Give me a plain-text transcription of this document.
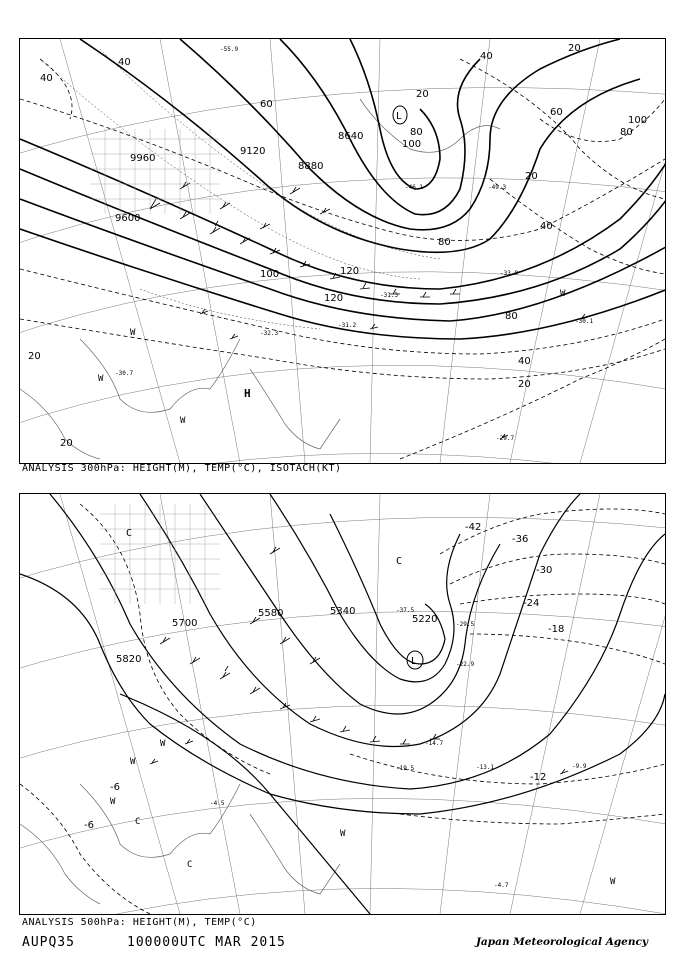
9600
9960
9120
8880
8640
40
40
20
20
40
60
80
100
80
100
120
80
100	120
60
80
40
20
20
40
20
20
H
L
W
W
W
W
-30.7
-32.3
-31.2
-30.1
-29.7
-55.9
-49.3
-46.1
-33.9
-31.3
ANALYSIS 300hPa: HEIGHT(M), TEMP(°C), ISOTACH(KT)
5820
5700
5580	5340
5220
-42
-36
-30
-24
-18
-12
-6
-6
C
C
L
C
C
W
W
W
W
W	-14.7
-13.1	-9.9
-19.5
-4.7
-4.5
-37.5
-22.9
-29.5
ANALYSIS 500hPa: HEIGHT(M), TEMP(°C)
AUPQ35	100000UTC MAR 2015	Japan Meteorological Agency
